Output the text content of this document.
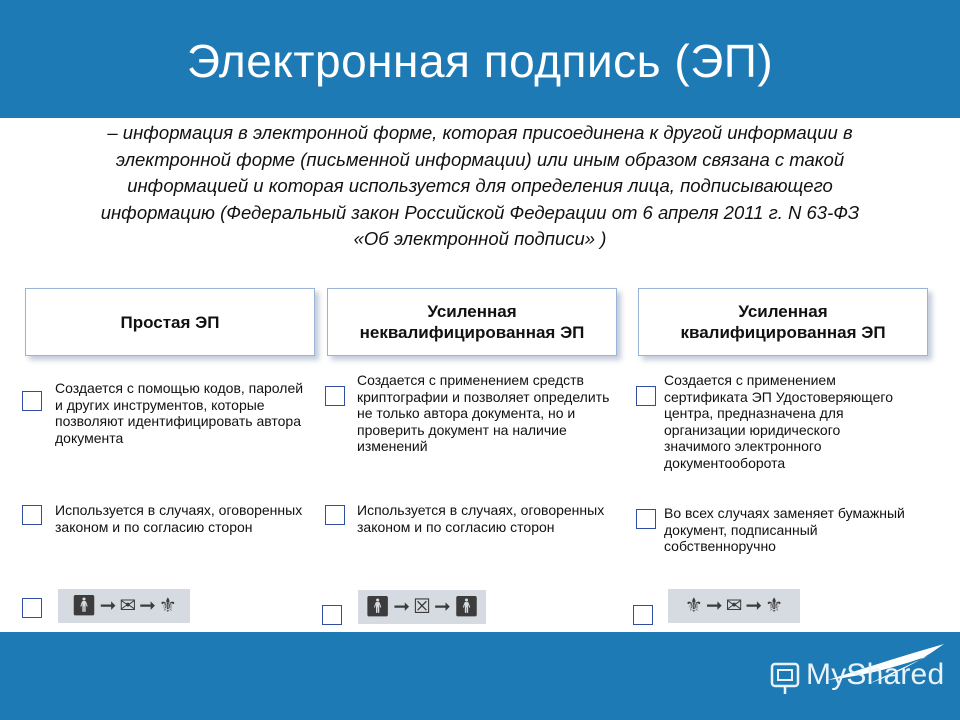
Электронная подпись (ЭП)
– информация в электронной форме, которая присоединена к другой информации в электронной форме (письменной информации) или иным образом связана с такой информацией и которая используется для определения лица, подписывающего информацию (Федеральный закон Российской Федерации от 6 апреля 2011 г. N 63-ФЗ «Об электронной подписи» )
Простая ЭП
Создается с помощью кодов, паролей и других инструментов, которые позволяют идентифицировать автора документа
Используется в случаях, оговоренных законом и по согласию сторон
🚹︎ ➞ ✉ ➞ ⚜
Усиленная
неквалифицированная ЭП
Создается с применением средств криптографии и позволяет определить не только автора документа, но и проверить документ на наличие изменений
Используется в случаях, оговоренных законом и по согласию сторон
🚹︎ ➞ ☒ ➞ 🚹︎
Усиленная
квалифицированная ЭП
Создается с применением сертификата ЭП Удостоверяющего центра, предназначена для организации юридического значимого электронного документооборота
Во всех случаях заменяет бумажный документ, подписанный собственноручно
⚜ ➞ ✉ ➞ ⚜
MyShared
